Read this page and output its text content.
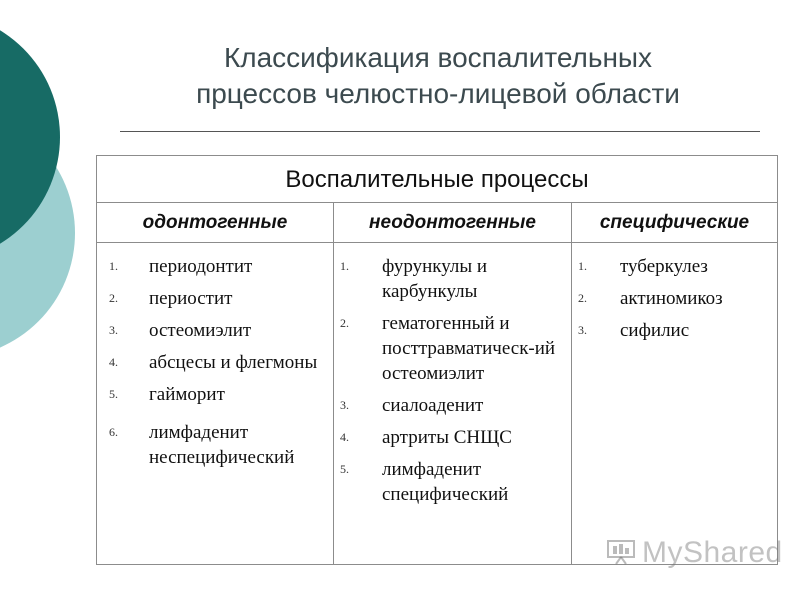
Классификация воспалительных
прцессов челюстно-лицевой области
Воспалительные процессы
одонтогенные	неодонтогенные	специфические
1. периодонтит
2. периостит
3. остеомиэлит
4. абсцесы и флегмоны
5. гайморит
6. лимфаденит неспецифический
1. фурункулы и карбункулы
2. гематогенный и посттравматическ-ий остеомиэлит
3. сиалоаденит
4. артриты СНЩС
5. лимфаденит специфический
1. туберкулез
2. актиномикоз
3. сифилис
MyShared
